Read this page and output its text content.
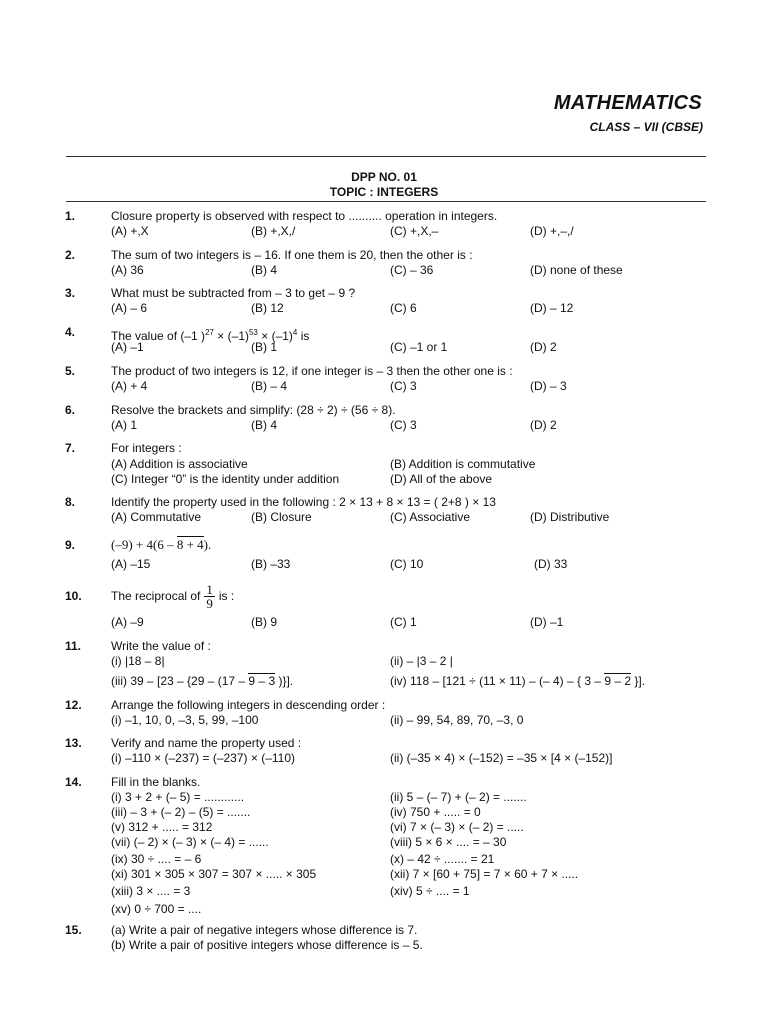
MATHEMATICS
CLASS – VII (CBSE)
DPP NO. 01
TOPIC : INTEGERS
1.	Closure property is observed with respect to .......... operation in integers.
(A) +,X	(B) +,X,/	(C) +,X,–	(D) +,–,/
2.	The sum of two integers is – 16. If one them is 20, then the other is :
(A) 36	(B) 4	(C) – 36	(D) none of these
3.	What must be subtracted from – 3 to get – 9 ?
(A) – 6	(B) 12	(C) 6	(D) – 12
4.	The value of (–1 )$^{27} \times (-1)^{53} \times (-1)^4$ is
(A) –1	(B) 1	(C) –1 or 1	(D) 2
5.	The product of two integers is 12, if one integer is – 3 then the other one is :
(A) + 4	(B) – 4	(C) 3	(D) – 3
6.	Resolve the brackets and simplify: (28 ÷ 2) ÷ (56 ÷ 8).
(A) 1	(B) 4	(C) 3	(D) 2
7.	For integers :
(A) Addition is associative	(B) Addition is commutative
(C) Integer “0” is the identity under addition	(D) All of the above
8.	Identify the property used in the following : 2 × 13 + 8 × 13 = ( 2+8 ) × 13
(A) Commutative	(B) Closure	(C) Associative	(D) Distributive
9.	(–9) + 4(6 – 8 + 4).
(A) –15	(B) –33	(C) 10	(D) 33
10. The reciprocal of $\frac{1}{9}$ is :
(A) –9	(B) 9	(C) 1	(D) –1
11. Write the value of :
(i) |18 – 8|	(ii) – |3 – 2 |
(iii) 39 – [23 – {29 – (17 – 9 – 3 )}].	(iv) 118 – [121 ÷ (11 × 11) – (– 4) – { 3 – 9 – 2 }].
12. Arrange the following integers in descending order :
(i) –1, 10, 0, –3, 5, 99, –100	(ii) – 99, 54, 89, 70, –3, 0
13. Verify and name the property used :
(i) –110 × (–237) = (–237) × (–110)	(ii) (–35 × 4) × (–152) = –35 × [4 × (–152)]
14. Fill in the blanks.
(i) 3 + 2 + (– 5) = ............	(ii) 5 – (– 7) + (– 2) = .......
(iii) – 3 + (– 2) – (5) = .......	(iv) 750 + ..... = 0
(v) 312 + ..... = 312	(vi) 7 × (– 3) × (– 2) = .....
(vii) (– 2) × (– 3) × (– 4) = ......	(viii) 5 × 6 × .... = – 30
(ix) 30 ÷ .... = – 6	(x) – 42 ÷ ....... = 21
(xi) 301 × 305 × 307 = 307 × ..... × 305	(xii) 7 × [60 + 75] = 7 × 60 + 7 × .....
(xiii) 3 × .... = 3	(xiv) 5 ÷ .... = 1
(xv) 0 ÷ 700 = ....
15. (a) Write a pair of negative integers whose difference is 7.
(b) Write a pair of positive integers whose difference is – 5.
